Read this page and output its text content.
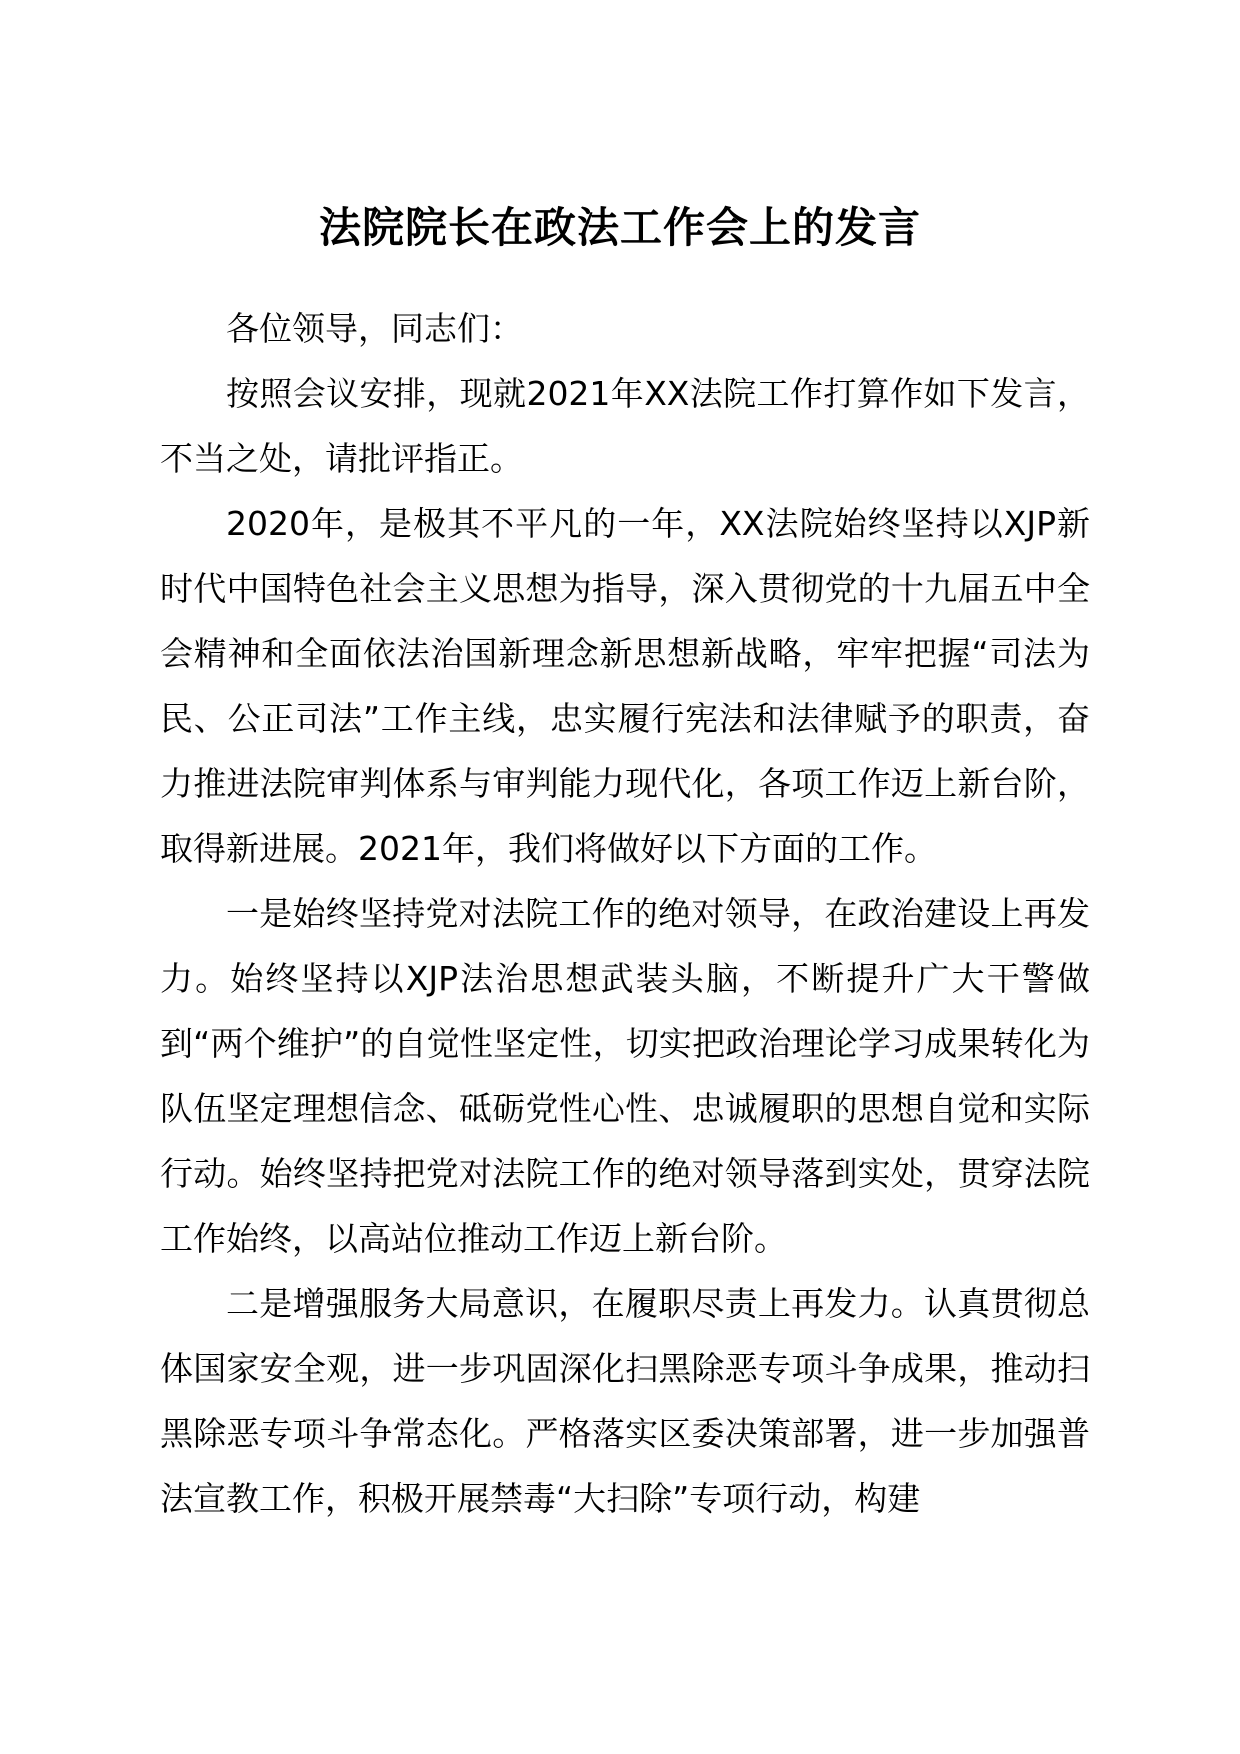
法院院长在政法工作会上的发言

各位领导，同志们：

按照会议安排，现就2021年XX法院工作打算作如下发言，不当之处，请批评指正。

2020年，是极其不平凡的一年，XX法院始终坚持以XJP新时代中国特色社会主义思想为指导，深入贯彻党的十九届五中全会精神和全面依法治国新理念新思想新战略，牢牢把握“司法为民、公正司法”工作主线，忠实履行宪法和法律赋予的职责，奋力推进法院审判体系与审判能力现代化，各项工作迈上新台阶，取得新进展。2021年，我们将做好以下方面的工作。

一是始终坚持党对法院工作的绝对领导，在政治建设上再发力。始终坚持以XJP法治思想武装头脑，不断提升广大干警做到“两个维护”的自觉性坚定性，切实把政治理论学习成果转化为队伍坚定理想信念、砥砺党性心性、忠诚履职的思想自觉和实际行动。始终坚持把党对法院工作的绝对领导落到实处，贯穿法院工作始终，以高站位推动工作迈上新台阶。

二是增强服务大局意识，在履职尽责上再发力。认真贯彻总体国家安全观，进一步巩固深化扫黑除恶专项斗争成果，推动扫黑除恶专项斗争常态化。严格落实区委决策部署，进一步加强普法宣教工作，积极开展禁毒“大扫除”专项行动，构建
